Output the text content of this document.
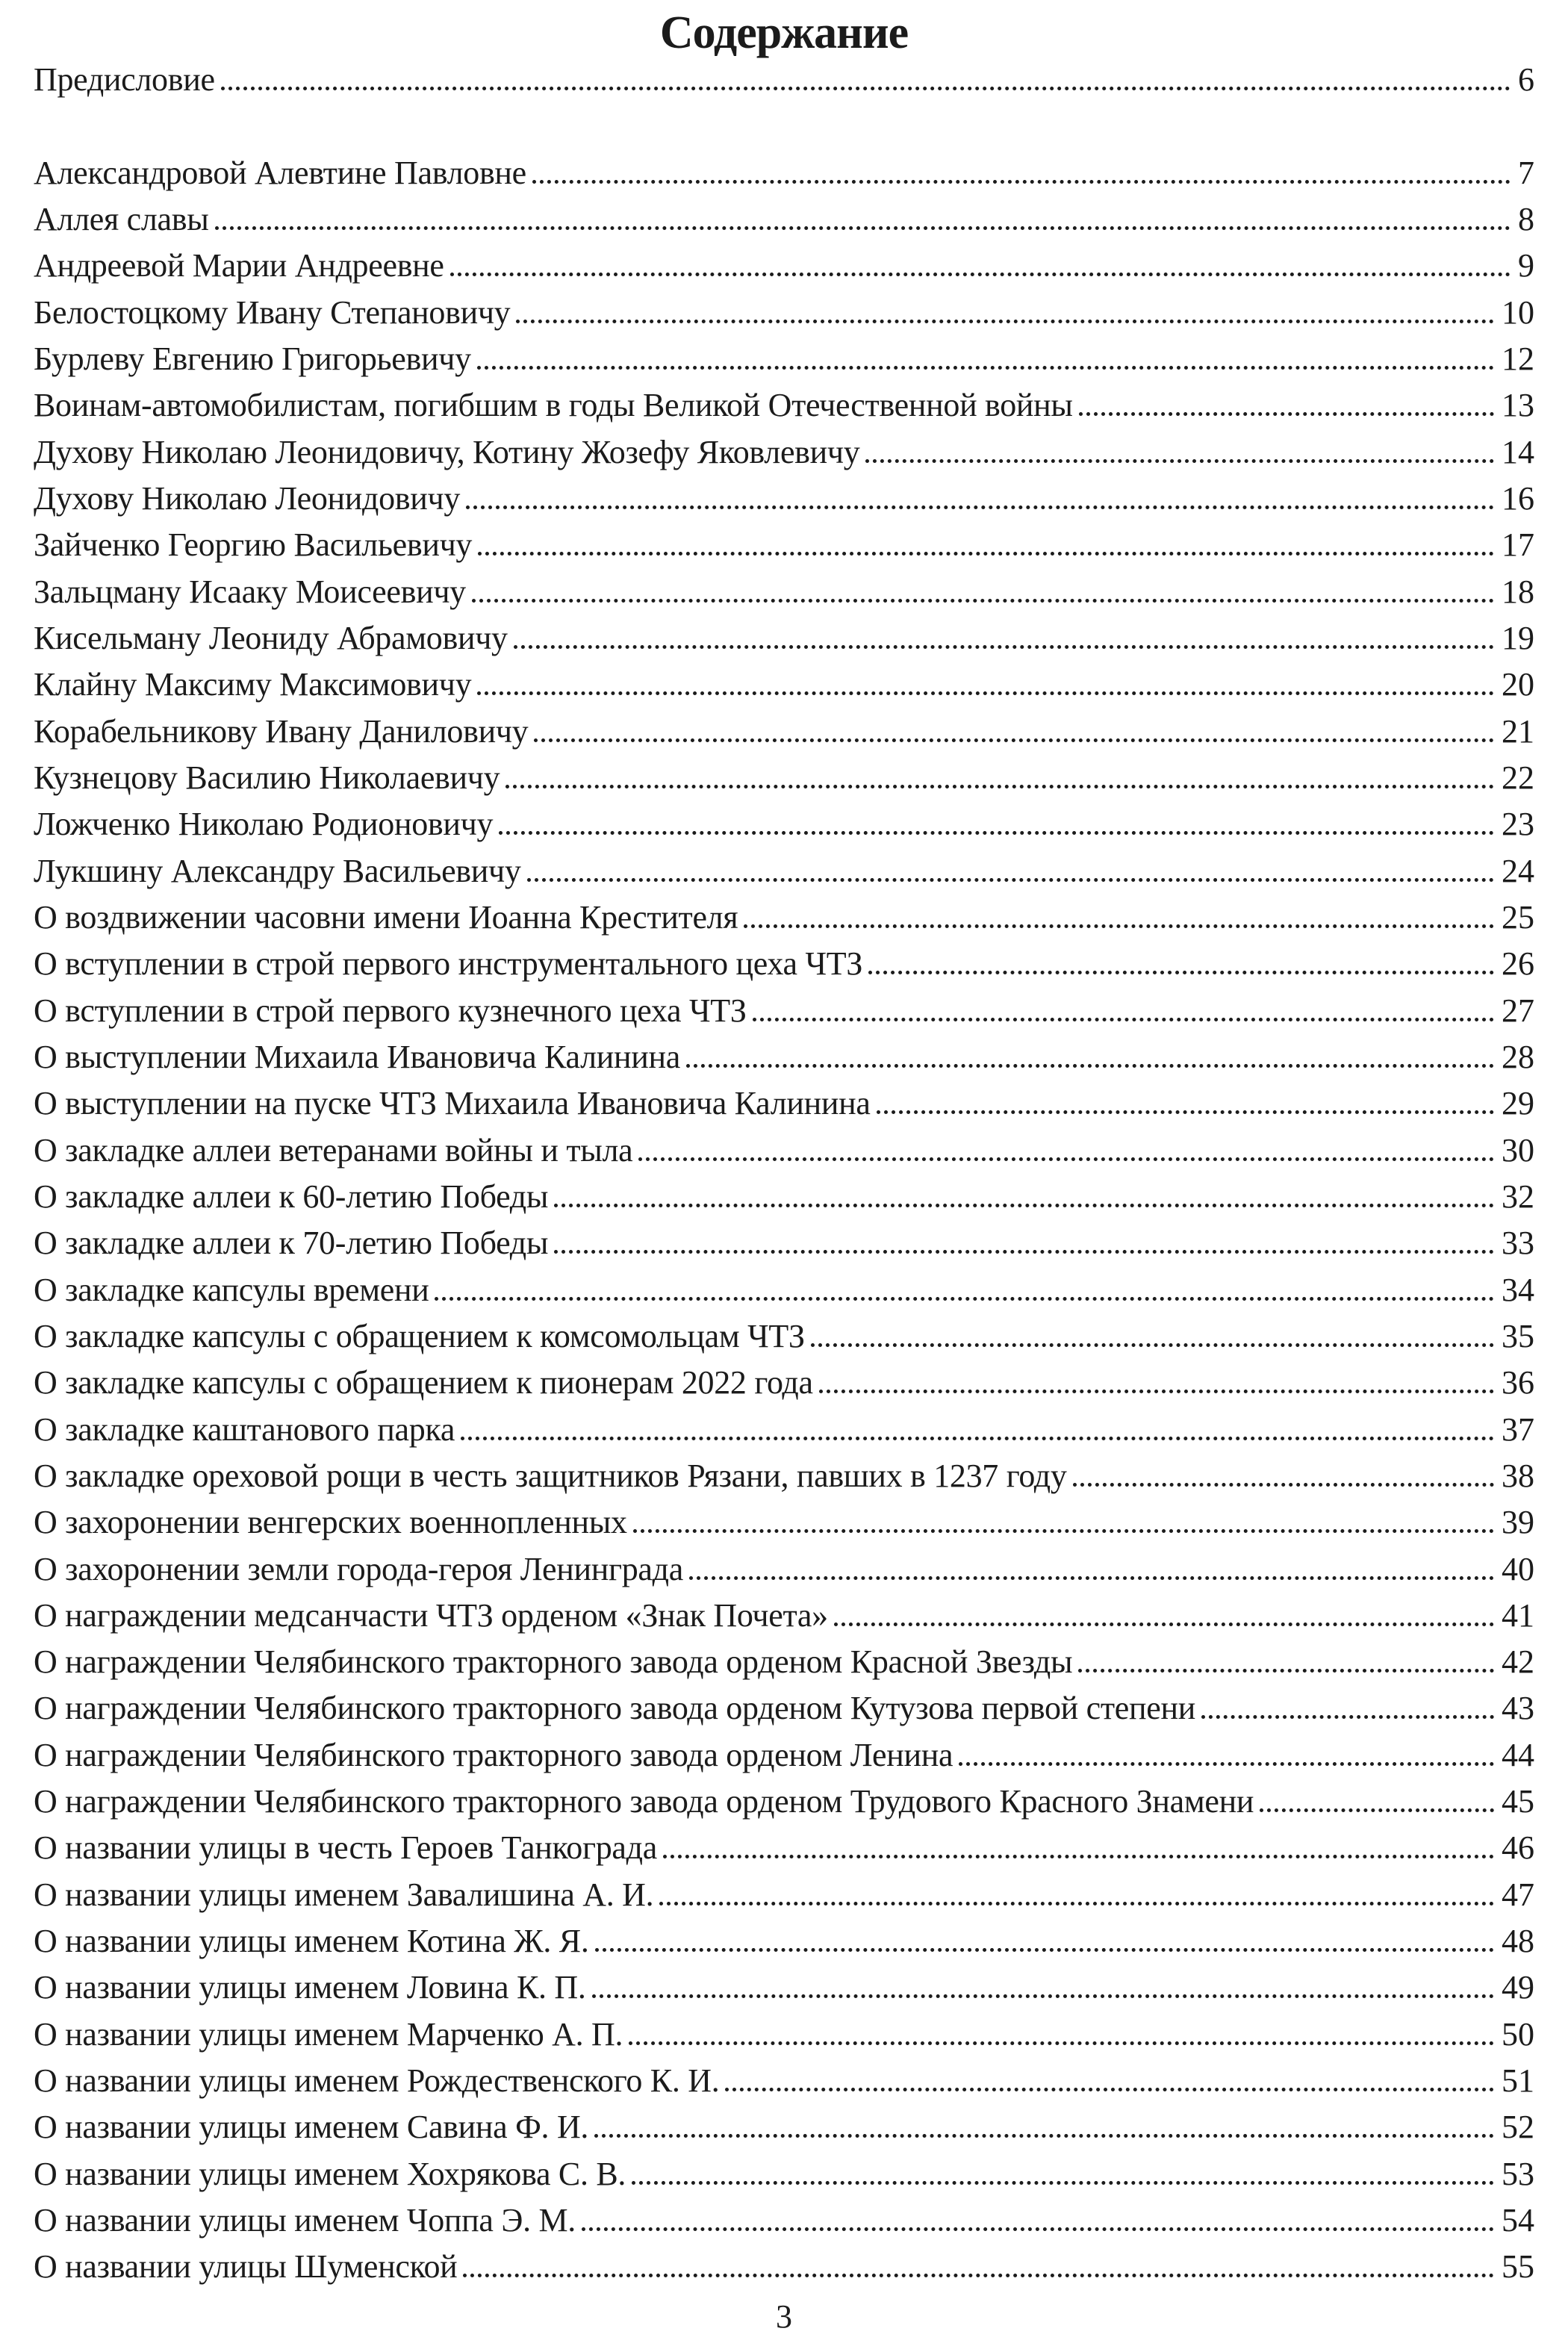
Содержание
Предисловие	6
Александровой Алевтине Павловне	7
Аллея славы	8
Андреевой Марии Андреевне	9
Белостоцкому Ивану Степановичу	10
Бурлеву Евгению Григорьевичу	12
Воинам-автомобилистам, погибшим в годы Великой Отечественной войны	13
Духову Николаю Леонидовичу, Котину Жозефу Яковлевичу	14
Духову Николаю Леонидовичу	16
Зайченко Георгию Васильевичу	17
Зальцману Исааку Моисеевичу	18
Кисельману Леониду Абрамовичу	19
Клайну Максиму Максимовичу	20
Корабельникову Ивану Даниловичу	21
Кузнецову Василию Николаевичу	22
Ложченко Николаю Родионовичу	23
Лукшину Александру Васильевичу	24
О воздвижении часовни имени Иоанна Крестителя	25
О вступлении в строй первого инструментального цеха ЧТЗ	26
О вступлении в строй первого кузнечного цеха ЧТЗ	27
О выступлении Михаила Ивановича Калинина	28
О выступлении на пуске ЧТЗ Михаила Ивановича Калинина	29
О закладке аллеи ветеранами войны и тыла	30
О закладке аллеи к 60-летию Победы	32
О закладке аллеи к 70-летию Победы	33
О закладке капсулы времени	34
О закладке капсулы с обращением к комсомольцам ЧТЗ	35
О закладке капсулы с обращением к пионерам 2022 года	36
О закладке каштанового парка	37
О закладке ореховой рощи в честь защитников Рязани, павших в 1237 году	38
О захоронении венгерских военнопленных	39
О захоронении земли города-героя Ленинграда	40
О награждении медсанчасти ЧТЗ орденом «Знак Почета»	41
О награждении Челябинского тракторного завода орденом Красной Звезды	42
О награждении Челябинского тракторного завода орденом Кутузова первой степени	43
О награждении Челябинского тракторного завода орденом Ленина	44
О награждении Челябинского тракторного завода орденом Трудового Красного Знамени	45
О названии улицы в честь Героев Танкограда	46
О названии улицы именем Завалишина А. И.	47
О названии улицы именем Котина Ж. Я.	48
О названии улицы именем Ловина К. П.	49
О названии улицы именем Марченко А. П.	50
О названии улицы именем Рождественского К. И.	51
О названии улицы именем Савина Ф. И.	52
О названии улицы именем Хохрякова С. В.	53
О названии улицы именем Чоппа Э. М.	54
О названии улицы Шуменской	55
3
